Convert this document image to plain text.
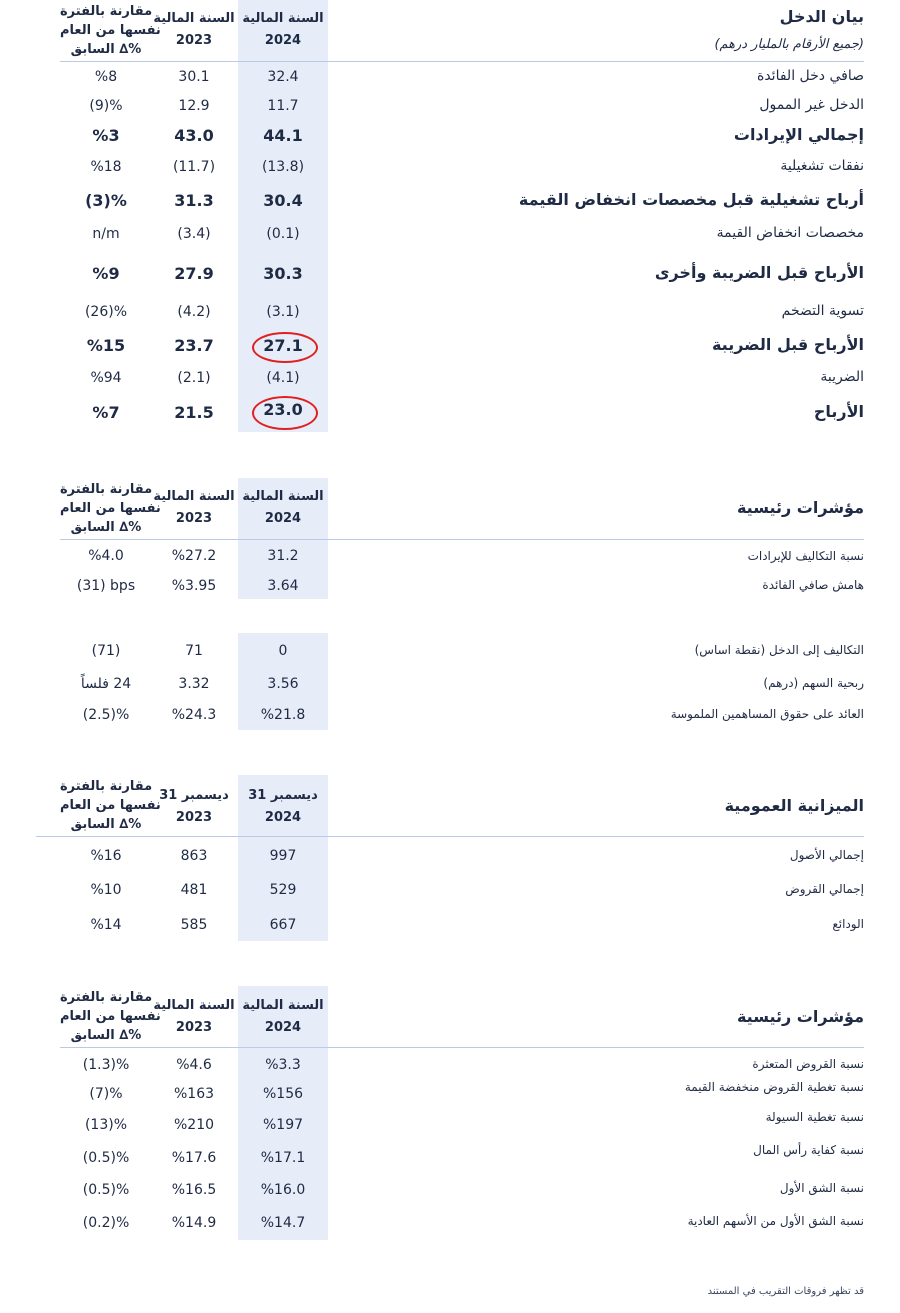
بيان الدخل
(جميع الأرقام بالمليار درهم)
السنة المالية
2024
السنة المالية
2023
مقارنة بالفترة
نفسها من العام
السابق ∆%
صافي دخل الفائدة
32.4
30.1
%8
الدخل غير الممول
11.7
12.9
(9)%
إجمالي الإيرادات
44.1
43.0
%3
نفقات تشغيلية
(13.8)
(11.7)
%18
أرباح تشغيلية قبل مخصصات انخفاض القيمة
30.4
31.3
(3)%
مخصصات انخفاض القيمة
(0.1)
(3.4)
n/m
الأرباح قبل الضريبة وأخرى
30.3
27.9
%9
تسوية التضخم
(3.1)
(4.2)
(26)%
الأرباح قبل الضريبة
27.1
23.7
%15
الضريبة
(4.1)
(2.1)
%94
الأرباح
23.0
21.5
%7
مؤشرات رئيسية
السنة المالية
2024
السنة المالية
2023
مقارنة بالفترة
نفسها من العام
السابق ∆%
نسبة التكاليف للإيرادات
31.2
%27.2
%4.0
هامش صافي الفائدة
3.64
%3.95
(31) bps
التكاليف إلى الدخل (نقطة اساس)
0
71
(71)
ربحية السهم (درهم)
3.56
3.32
24 فلساً
العائد على حقوق المساهمين الملموسة
%21.8
%24.3
(2.5)%
الميزانية العمومية
31 ديسمبر
2024
31 ديسمبر
2023
مقارنة بالفترة
نفسها من العام
السابق ∆%
إجمالي الأصول
997
863
%16
إجمالي القروض
529
481
%10
الودائع
667
585
%14
مؤشرات رئيسية
السنة المالية
2024
السنة المالية
2023
مقارنة بالفترة
نفسها من العام
السابق ∆%
نسبة القروض المتعثرة
%3.3
%4.6
(1.3)%
نسبة تغطية القروض منخفضة القيمة
%156
%163
(7)%
نسبة تغطية السيولة
%197
%210
(13)%
نسبة كفاية رأس المال
%17.1
%17.6
(0.5)%
نسبة الشق الأول
%16.0
%16.5
(0.5)%
نسبة الشق الأول من الأسهم العادية
%14.7
%14.9
(0.2)%
قد تظهر فروقات التقريب في المستند
